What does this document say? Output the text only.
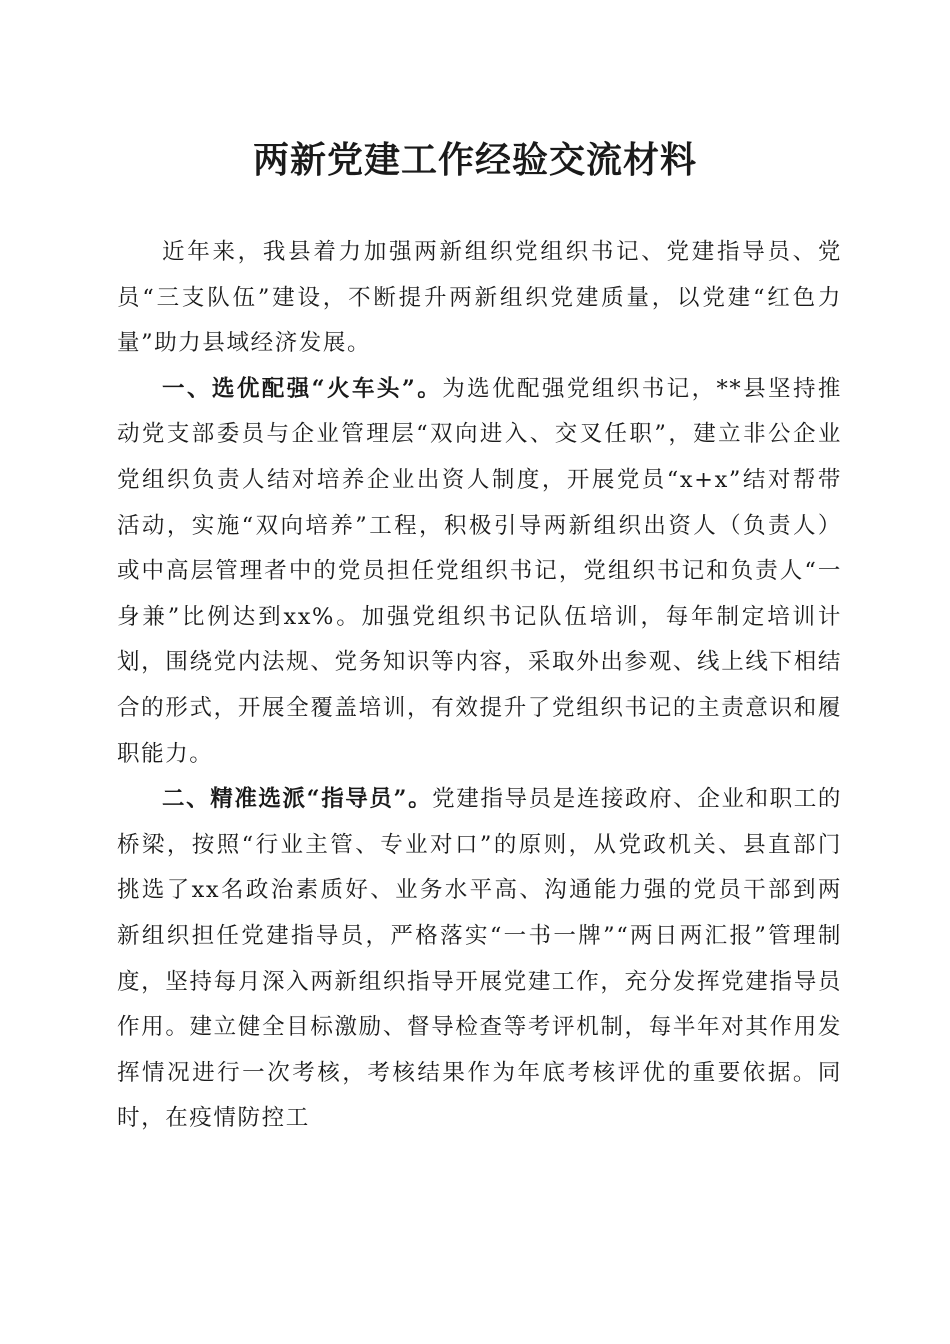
两新党建工作经验交流材料

近年来，我县着力加强两新组织党组织书记、党建指导员、党员“三支队伍”建设，不断提升两新组织党建质量，以党建“红色力量”助力县域经济发展。

一、选优配强“火车头”。为选优配强党组织书记，**县坚持推动党支部委员与企业管理层“双向进入、交叉任职”，建立非公企业党组织负责人结对培养企业出资人制度，开展党员“x+x”结对帮带活动，实施“双向培养”工程，积极引导两新组织出资人（负责人）或中高层管理者中的党员担任党组织书记，党组织书记和负责人“一身兼”比例达到xx%。加强党组织书记队伍培训，每年制定培训计划，围绕党内法规、党务知识等内容，采取外出参观、线上线下相结合的形式，开展全覆盖培训，有效提升了党组织书记的主责意识和履职能力。

二、精准选派“指导员”。党建指导员是连接政府、企业和职工的桥梁，按照“行业主管、专业对口”的原则，从党政机关、县直部门挑选了xx名政治素质好、业务水平高、沟通能力强的党员干部到两新组织担任党建指导员，严格落实“一书一牌”“两日两汇报”管理制度，坚持每月深入两新组织指导开展党建工作，充分发挥党建指导员作用。建立健全目标激励、督导检查等考评机制，每半年对其作用发挥情况进行一次考核，考核结果作为年底考核评优的重要依据。同时，在疫情防控工
